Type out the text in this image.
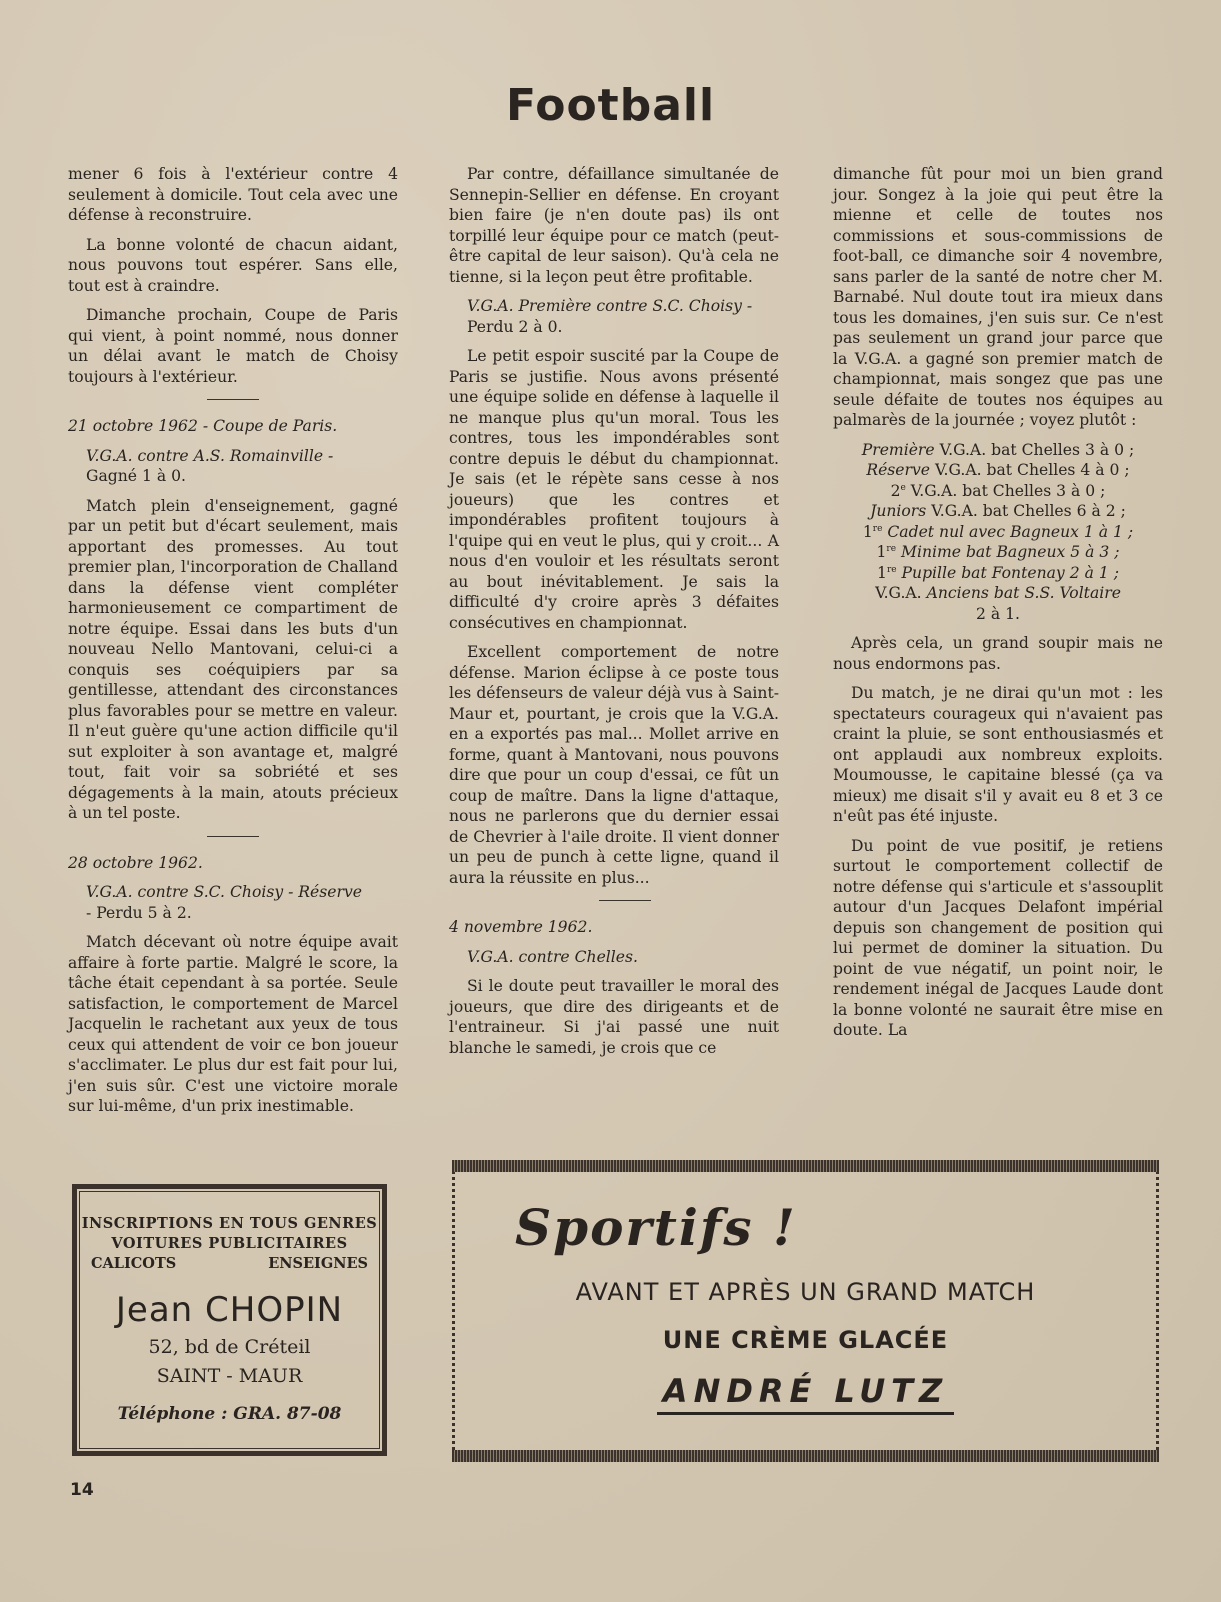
Football

mener 6 fois à l'extérieur contre 4 seulement à domicile. Tout cela avec une défense à reconstruire.

La bonne volonté de chacun aidant, nous pouvons tout espérer. Sans elle, tout est à craindre.

Dimanche prochain, Coupe de Paris qui vient, à point nommé, nous donner un délai avant le match de Choisy toujours à l'extérieur.

21 octobre 1962 - Coupe de Paris.

V.G.A. contre A.S. Romainville -

Gagné 1 à 0.

Match plein d'enseignement, gagné par un petit but d'écart seulement, mais apportant des promesses. Au tout premier plan, l'incorporation de Challand dans la défense vient compléter harmonieusement ce compartiment de notre équipe. Essai dans les buts d'un nouveau Nello Mantovani, celui-ci a conquis ses coéquipiers par sa gentillesse, attendant des circonstances plus favorables pour se mettre en valeur. Il n'eut guère qu'une action difficile qu'il sut exploiter à son avantage et, malgré tout, fait voir sa sobriété et ses dégagements à la main, atouts précieux à un tel poste.

28 octobre 1962.

V.G.A. contre S.C. Choisy - Réserve

- Perdu 5 à 2.

Match décevant où notre équipe avait affaire à forte partie. Malgré le score, la tâche était cependant à sa portée. Seule satisfaction, le comportement de Marcel Jacquelin le rachetant aux yeux de tous ceux qui attendent de voir ce bon joueur s'acclimater. Le plus dur est fait pour lui, j'en suis sûr. C'est une victoire morale sur lui-même, d'un prix inestimable.

Par contre, défaillance simultanée de Sennepin-Sellier en défense. En croyant bien faire (je n'en doute pas) ils ont torpillé leur équipe pour ce match (peut-être capital de leur saison). Qu'à cela ne tienne, si la leçon peut être profitable.

V.G.A. Première contre S.C. Choisy -

Perdu 2 à 0.

Le petit espoir suscité par la Coupe de Paris se justifie. Nous avons présenté une équipe solide en défense à laquelle il ne manque plus qu'un moral. Tous les contres, tous les impondérables sont contre depuis le début du championnat. Je sais (et le répète sans cesse à nos joueurs) que les contres et impondérables profitent toujours à l'quipe qui en veut le plus, qui y croit... A nous d'en vouloir et les résultats seront au bout inévitablement. Je sais la difficulté d'y croire après 3 défaites consécutives en championnat.

Excellent comportement de notre défense. Marion éclipse à ce poste tous les défenseurs de valeur déjà vus à Saint-Maur et, pourtant, je crois que la V.G.A. en a exportés pas mal... Mollet arrive en forme, quant à Mantovani, nous pouvons dire que pour un coup d'essai, ce fût un coup de maître. Dans la ligne d'attaque, nous ne parlerons que du dernier essai de Chevrier à l'aile droite. Il vient donner un peu de punch à cette ligne, quand il aura la réussite en plus...

4 novembre 1962.

V.G.A. contre Chelles.

Si le doute peut travailler le moral des joueurs, que dire des dirigeants et de l'entraineur. Si j'ai passé une nuit blanche le samedi, je crois que ce

dimanche fût pour moi un bien grand jour. Songez à la joie qui peut être la mienne et celle de toutes nos commissions et sous-commissions de foot-ball, ce dimanche soir 4 novembre, sans parler de la santé de notre cher M. Barnabé. Nul doute tout ira mieux dans tous les domaines, j'en suis sur. Ce n'est pas seulement un grand jour parce que la V.G.A. a gagné son premier match de championnat, mais songez que pas une seule défaite de toutes nos équipes au palmarès de la journée ; voyez plutôt :

Première V.G.A. bat Chelles 3 à 0 ;
Réserve V.G.A. bat Chelles 4 à 0 ;
2e V.G.A. bat Chelles 3 à 0 ;
Juniors V.G.A. bat Chelles 6 à 2 ;
1re Cadet nul avec Bagneux 1 à 1 ;
1re Minime bat Bagneux 5 à 3 ;
1re Pupille bat Fontenay 2 à 1 ;
V.G.A. Anciens bat S.S. Voltaire
2 à 1.

Après cela, un grand soupir mais ne nous endormons pas.

Du match, je ne dirai qu'un mot : les spectateurs courageux qui n'avaient pas craint la pluie, se sont enthousiasmés et ont applaudi aux nombreux exploits. Moumousse, le capitaine blessé (ça va mieux) me disait s'il y avait eu 8 et 3 ce n'eût pas été injuste.

Du point de vue positif, je retiens surtout le comportement collectif de notre défense qui s'articule et s'assouplit autour d'un Jacques Delafont impérial depuis son changement de position qui lui permet de dominer la situation. Du point de vue négatif, un point noir, le rendement inégal de Jacques Laude dont la bonne volonté ne saurait être mise en doute. La

INSCRIPTIONS EN TOUS GENRES
VOITURES PUBLICITAIRES
CALICOTS	ENSEIGNES
Jean CHOPIN
52, bd de Créteil
SAINT - MAUR
Téléphone : GRA. 87-08
Sportifs !
AVANT ET APRÈS UN GRAND MATCH
UNE CRÈME GLACÉE
ANDRÉ LUTZ
14
